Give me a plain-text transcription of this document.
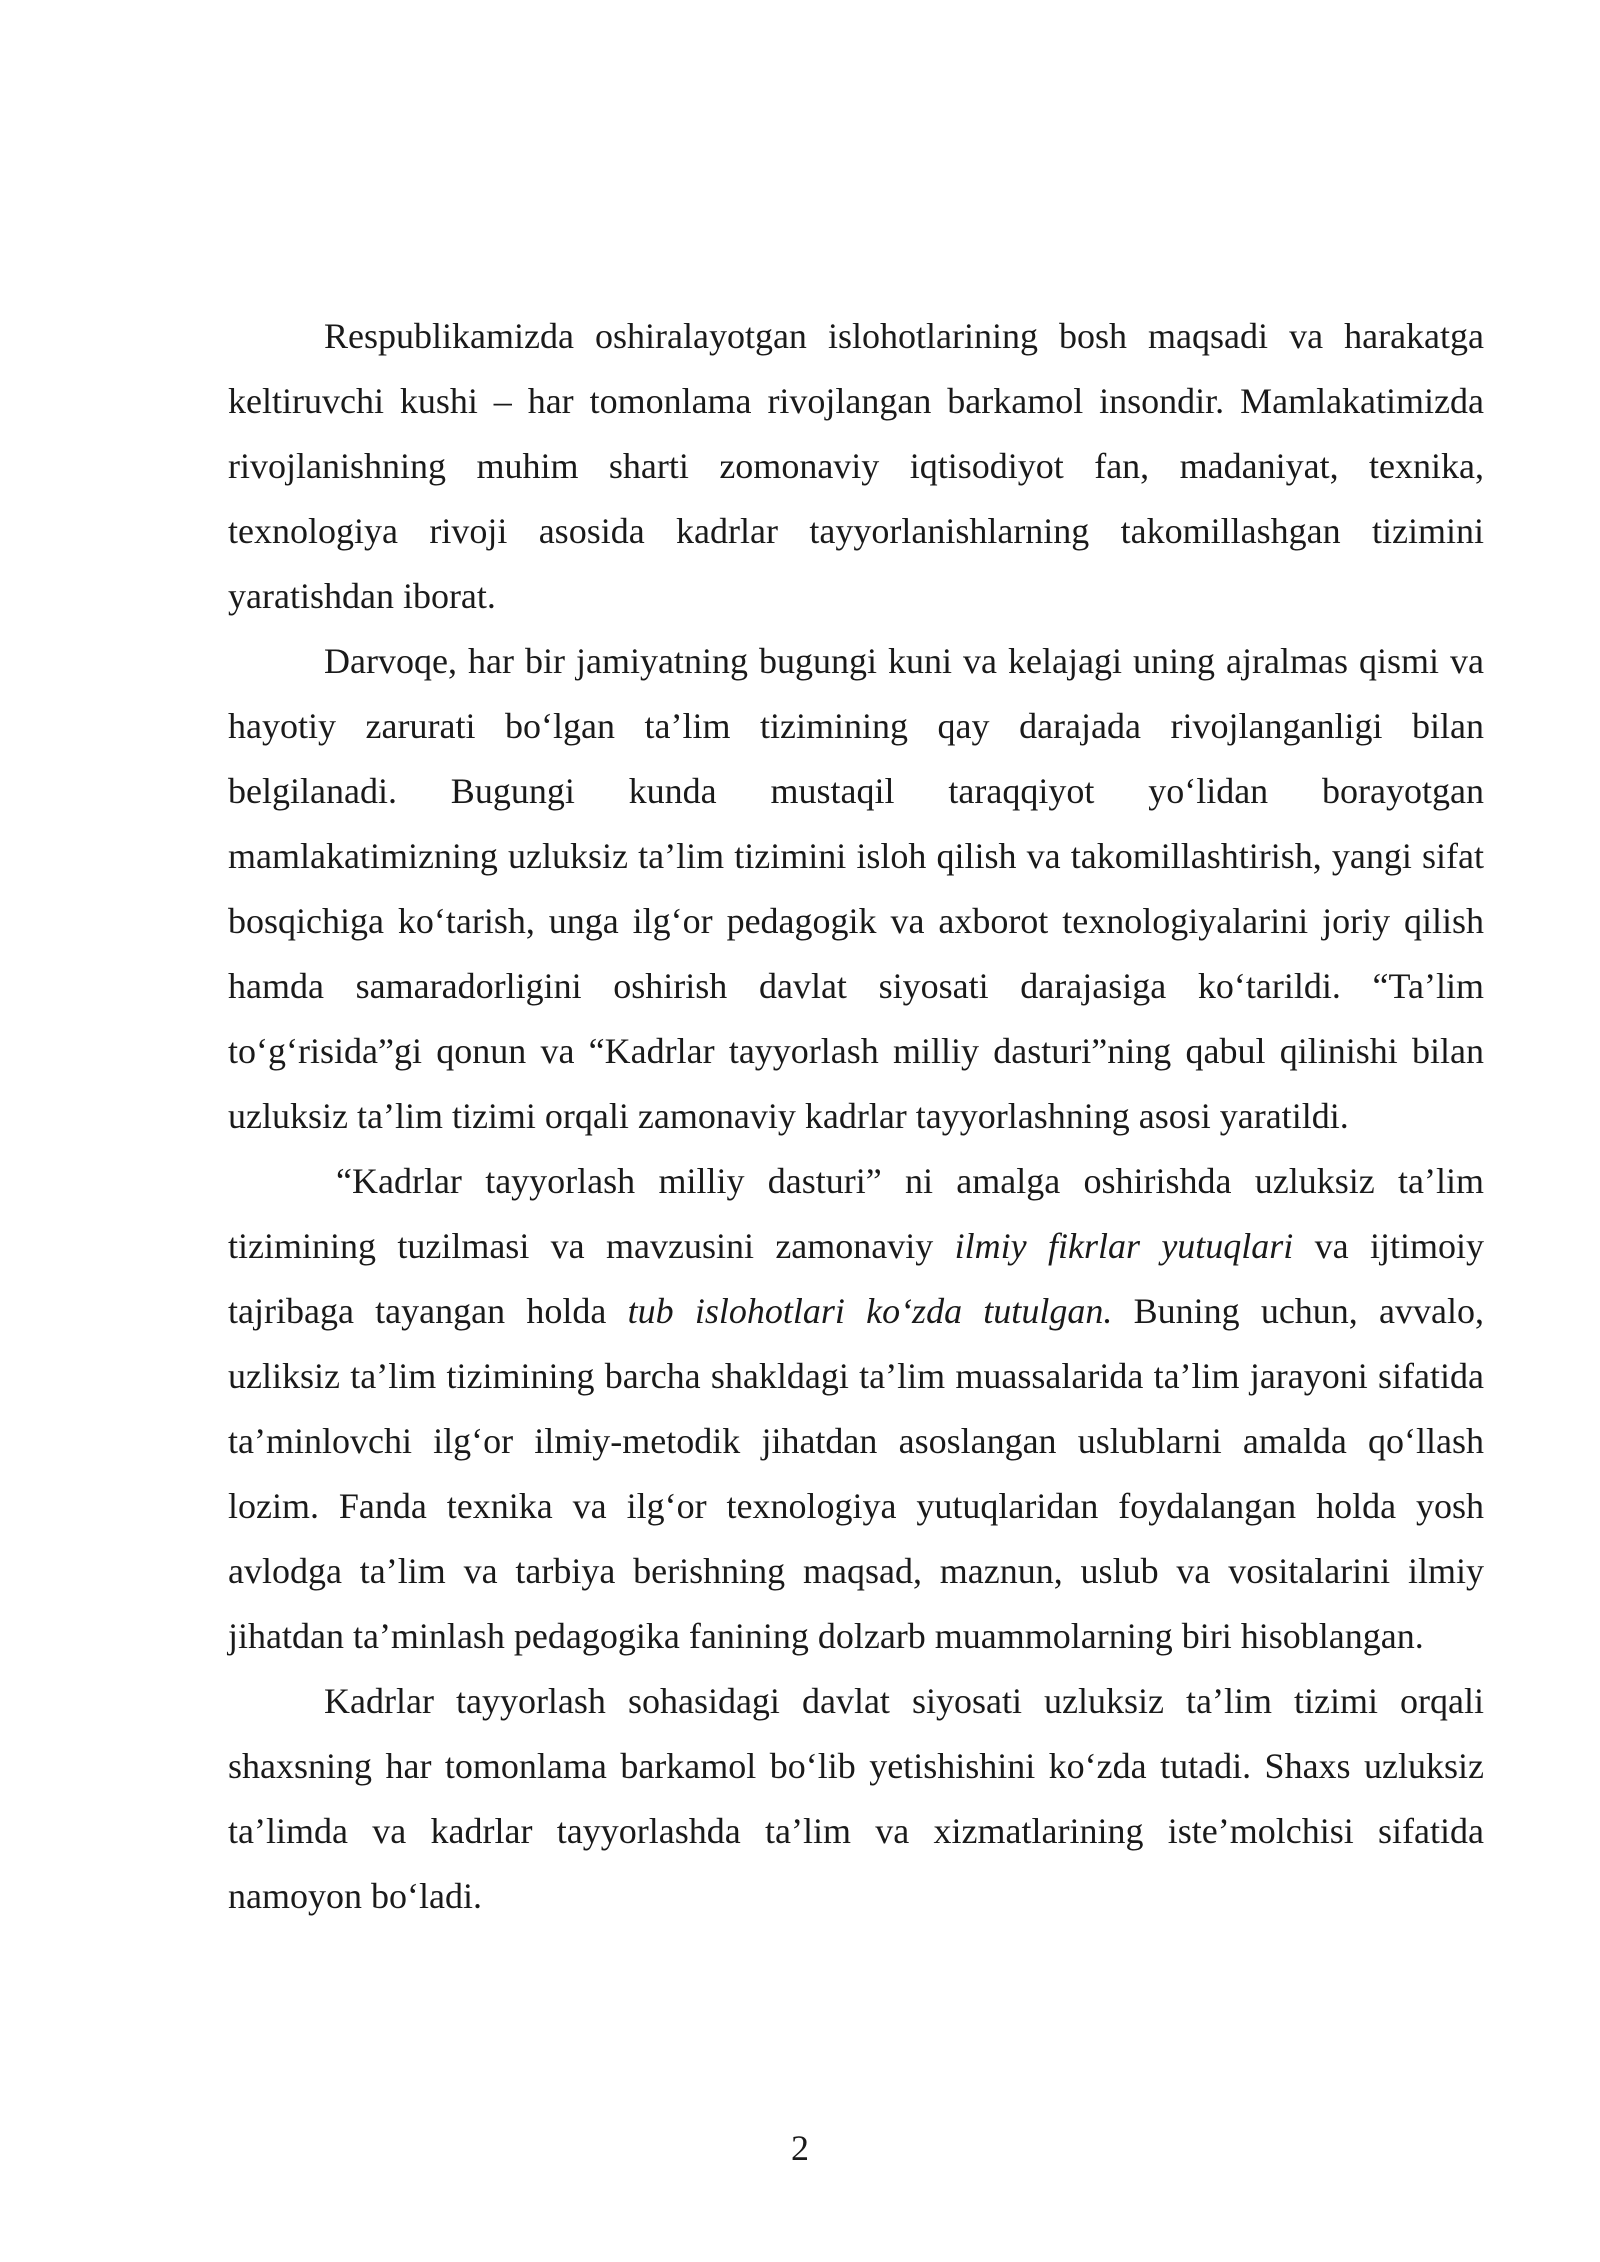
Respublikamizda oshiralayotgan islohotlarining bosh maqsadi va harakatga keltiruvchi kushi – har tomonlama rivojlangan barkamol insondir. Mamlakatimizda rivojlanishning muhim sharti zomonaviy iqtisodiyot fan, madaniyat, texnika, texnologiya rivoji asosida kadrlar tayyorlanishlarning takomillashgan tizimini yaratishdan iborat.

Darvoqe, har bir jamiyatning bugungi kuni va kelajagi uning ajralmas qismi va hayotiy zarurati bo‘lgan ta’lim tizimining qay darajada rivojlanganligi bilan belgilanadi. Bugungi kunda mustaqil taraqqiyot yo‘lidan borayotgan mamlakatimizning uzluksiz ta’lim tizimini isloh qilish va takomillashtirish, yangi sifat bosqichiga ko‘tarish, unga ilg‘or pedagogik va axborot texnologiyalarini joriy qilish hamda samaradorligini oshirish davlat siyosati darajasiga ko‘tarildi. “Ta’lim to‘g‘risida”gi qonun va “Kadrlar tayyorlash milliy dasturi”ning qabul qilinishi bilan uzluksiz ta’lim tizimi orqali zamonaviy kadrlar tayyorlashning asosi yaratildi.

“Kadrlar tayyorlash milliy dasturi” ni amalga oshirishda uzluksiz ta’lim tizimining tuzilmasi va mavzusini zamonaviy ilmiy fikrlar yutuqlari va ijtimoiy tajribaga tayangan holda tub islohotlari ko‘zda tutulgan. Buning uchun, avvalo, uzliksiz ta’lim tizimining barcha shakldagi ta’lim muassalarida ta’lim jarayoni sifatida ta’minlovchi ilg‘or ilmiy-metodik jihatdan asoslangan uslublarni amalda qo‘llash lozim. Fanda texnika va ilg‘or texnologiya yutuqlaridan foydalangan holda yosh avlodga ta’lim va tarbiya berishning maqsad, maznun, uslub va vositalarini ilmiy jihatdan ta’minlash pedagogika fanining dolzarb muammolarning biri hisoblangan.

Kadrlar tayyorlash sohasidagi davlat siyosati uzluksiz ta’lim tizimi orqali shaxsning har tomonlama barkamol bo‘lib yetishishini ko‘zda tutadi. Shaxs uzluksiz ta’limda va kadrlar tayyorlashda ta’lim va xizmatlarining iste’molchisi sifatida namoyon bo‘ladi.

2
